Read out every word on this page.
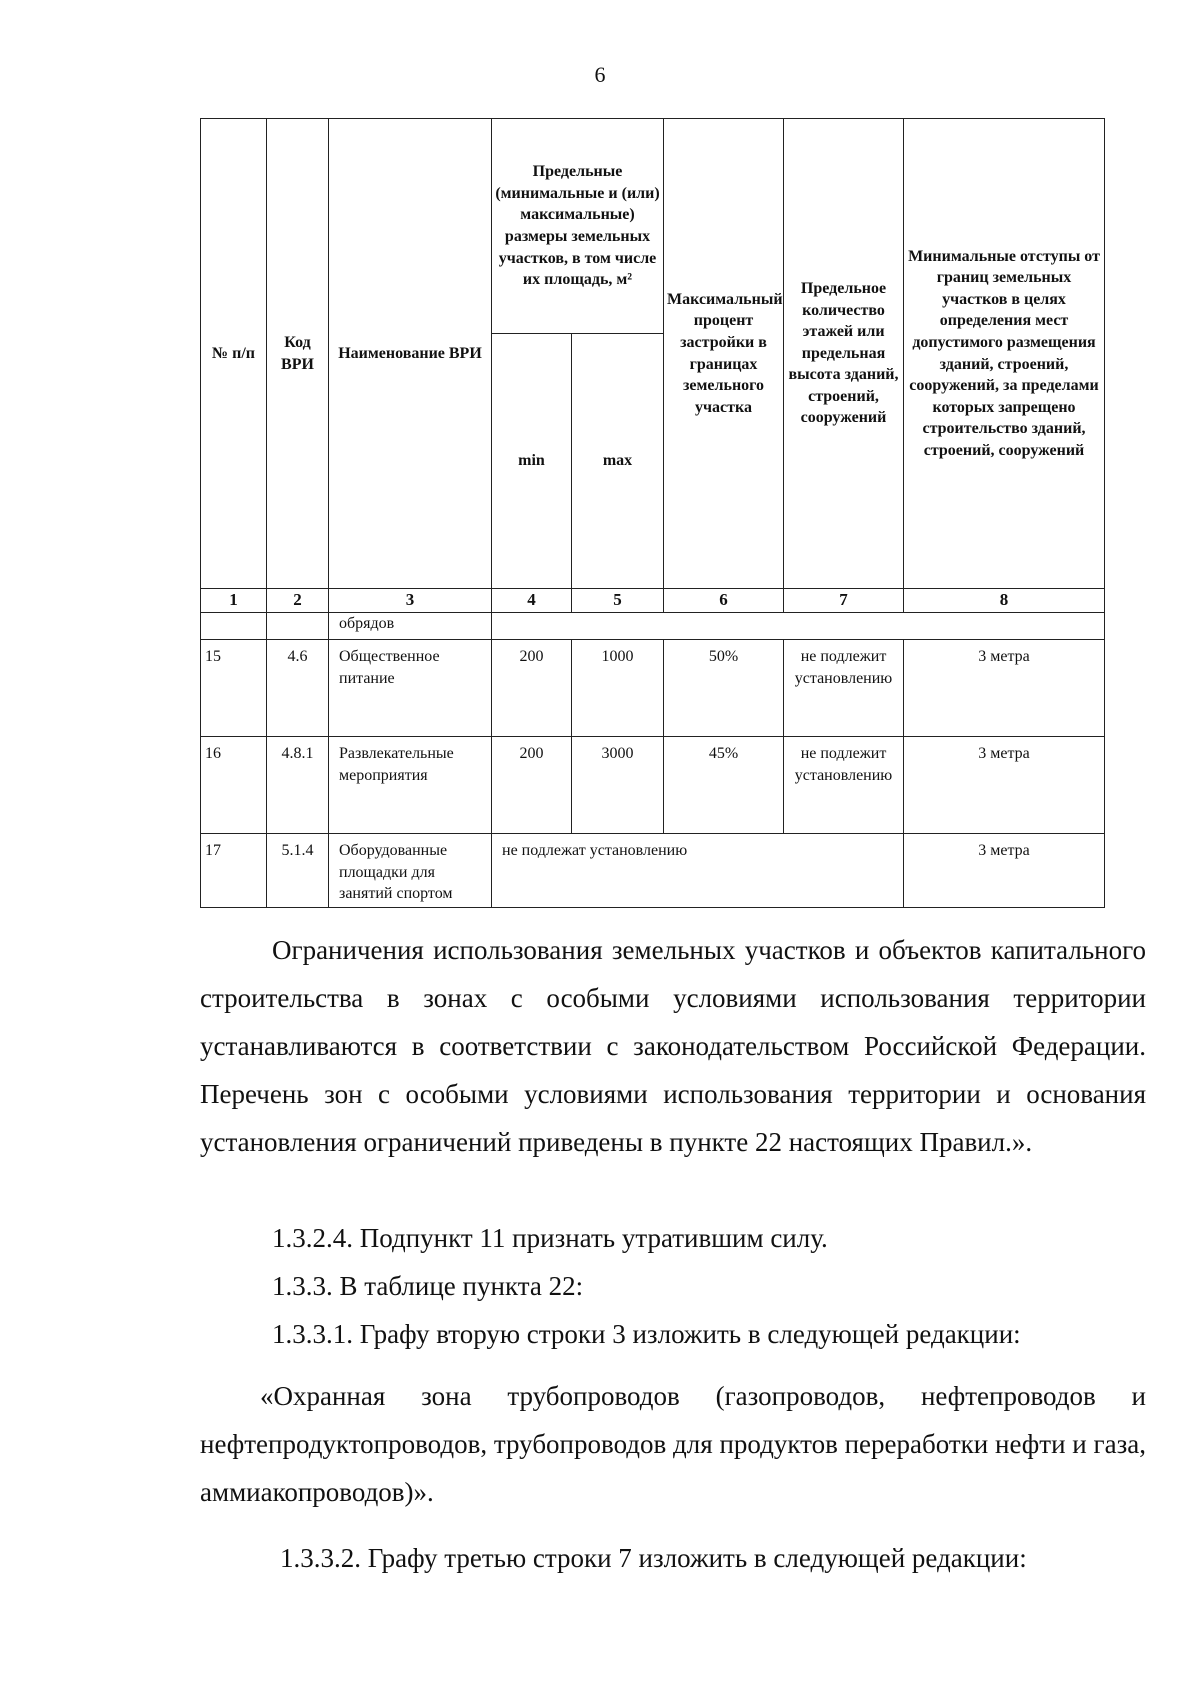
6
№ п/п	Код ВРИ	Наименование ВРИ	Предельные (минимальные и (или) максимальные) размеры земельных участков, в том числе их площадь, м²		Максимальный процент застройки в границах земельного участка	Предельное количество этажей или предельная высота зданий, строений, сооружений	Минимальные отступы от границ земельных участков в целях определения мест допустимого размещения зданий, строений, сооружений, за пределами которых запрещено строительство зданий, строений, сооружений
			min	max			
1	2	3	4	5	6	7	8
		обрядов					
15	4.6	Общественное питание	200	1000	50%	не подлежит установлению	3 метра
16	4.8.1	Развлекательные мероприятия	200	3000	45%	не подлежит установлению	3 метра
17	5.1.4	Оборудованные площадки для занятий спортом	не подлежат установлению				3 метра

Ограничения использования земельных участков и объектов капитального строительства в зонах с особыми условиями использования территории устанавливаются в соответствии с законодательством Российской Федерации. Перечень зон с особыми условиями использования территории и основания установления ограничений приведены в пункте 22 настоящих Правил.».

1.3.2.4. Подпункт 11 признать утратившим силу.
1.3.3. В таблице пункта 22:
1.3.3.1. Графу вторую строки 3 изложить в следующей редакции:

«Охранная зона трубопроводов (газопроводов, нефтепроводов и нефтепродуктопроводов, трубопроводов для продуктов переработки нефти и газа, аммиакопроводов)».

1.3.3.2. Графу третью строки 7 изложить в следующей редакции:
